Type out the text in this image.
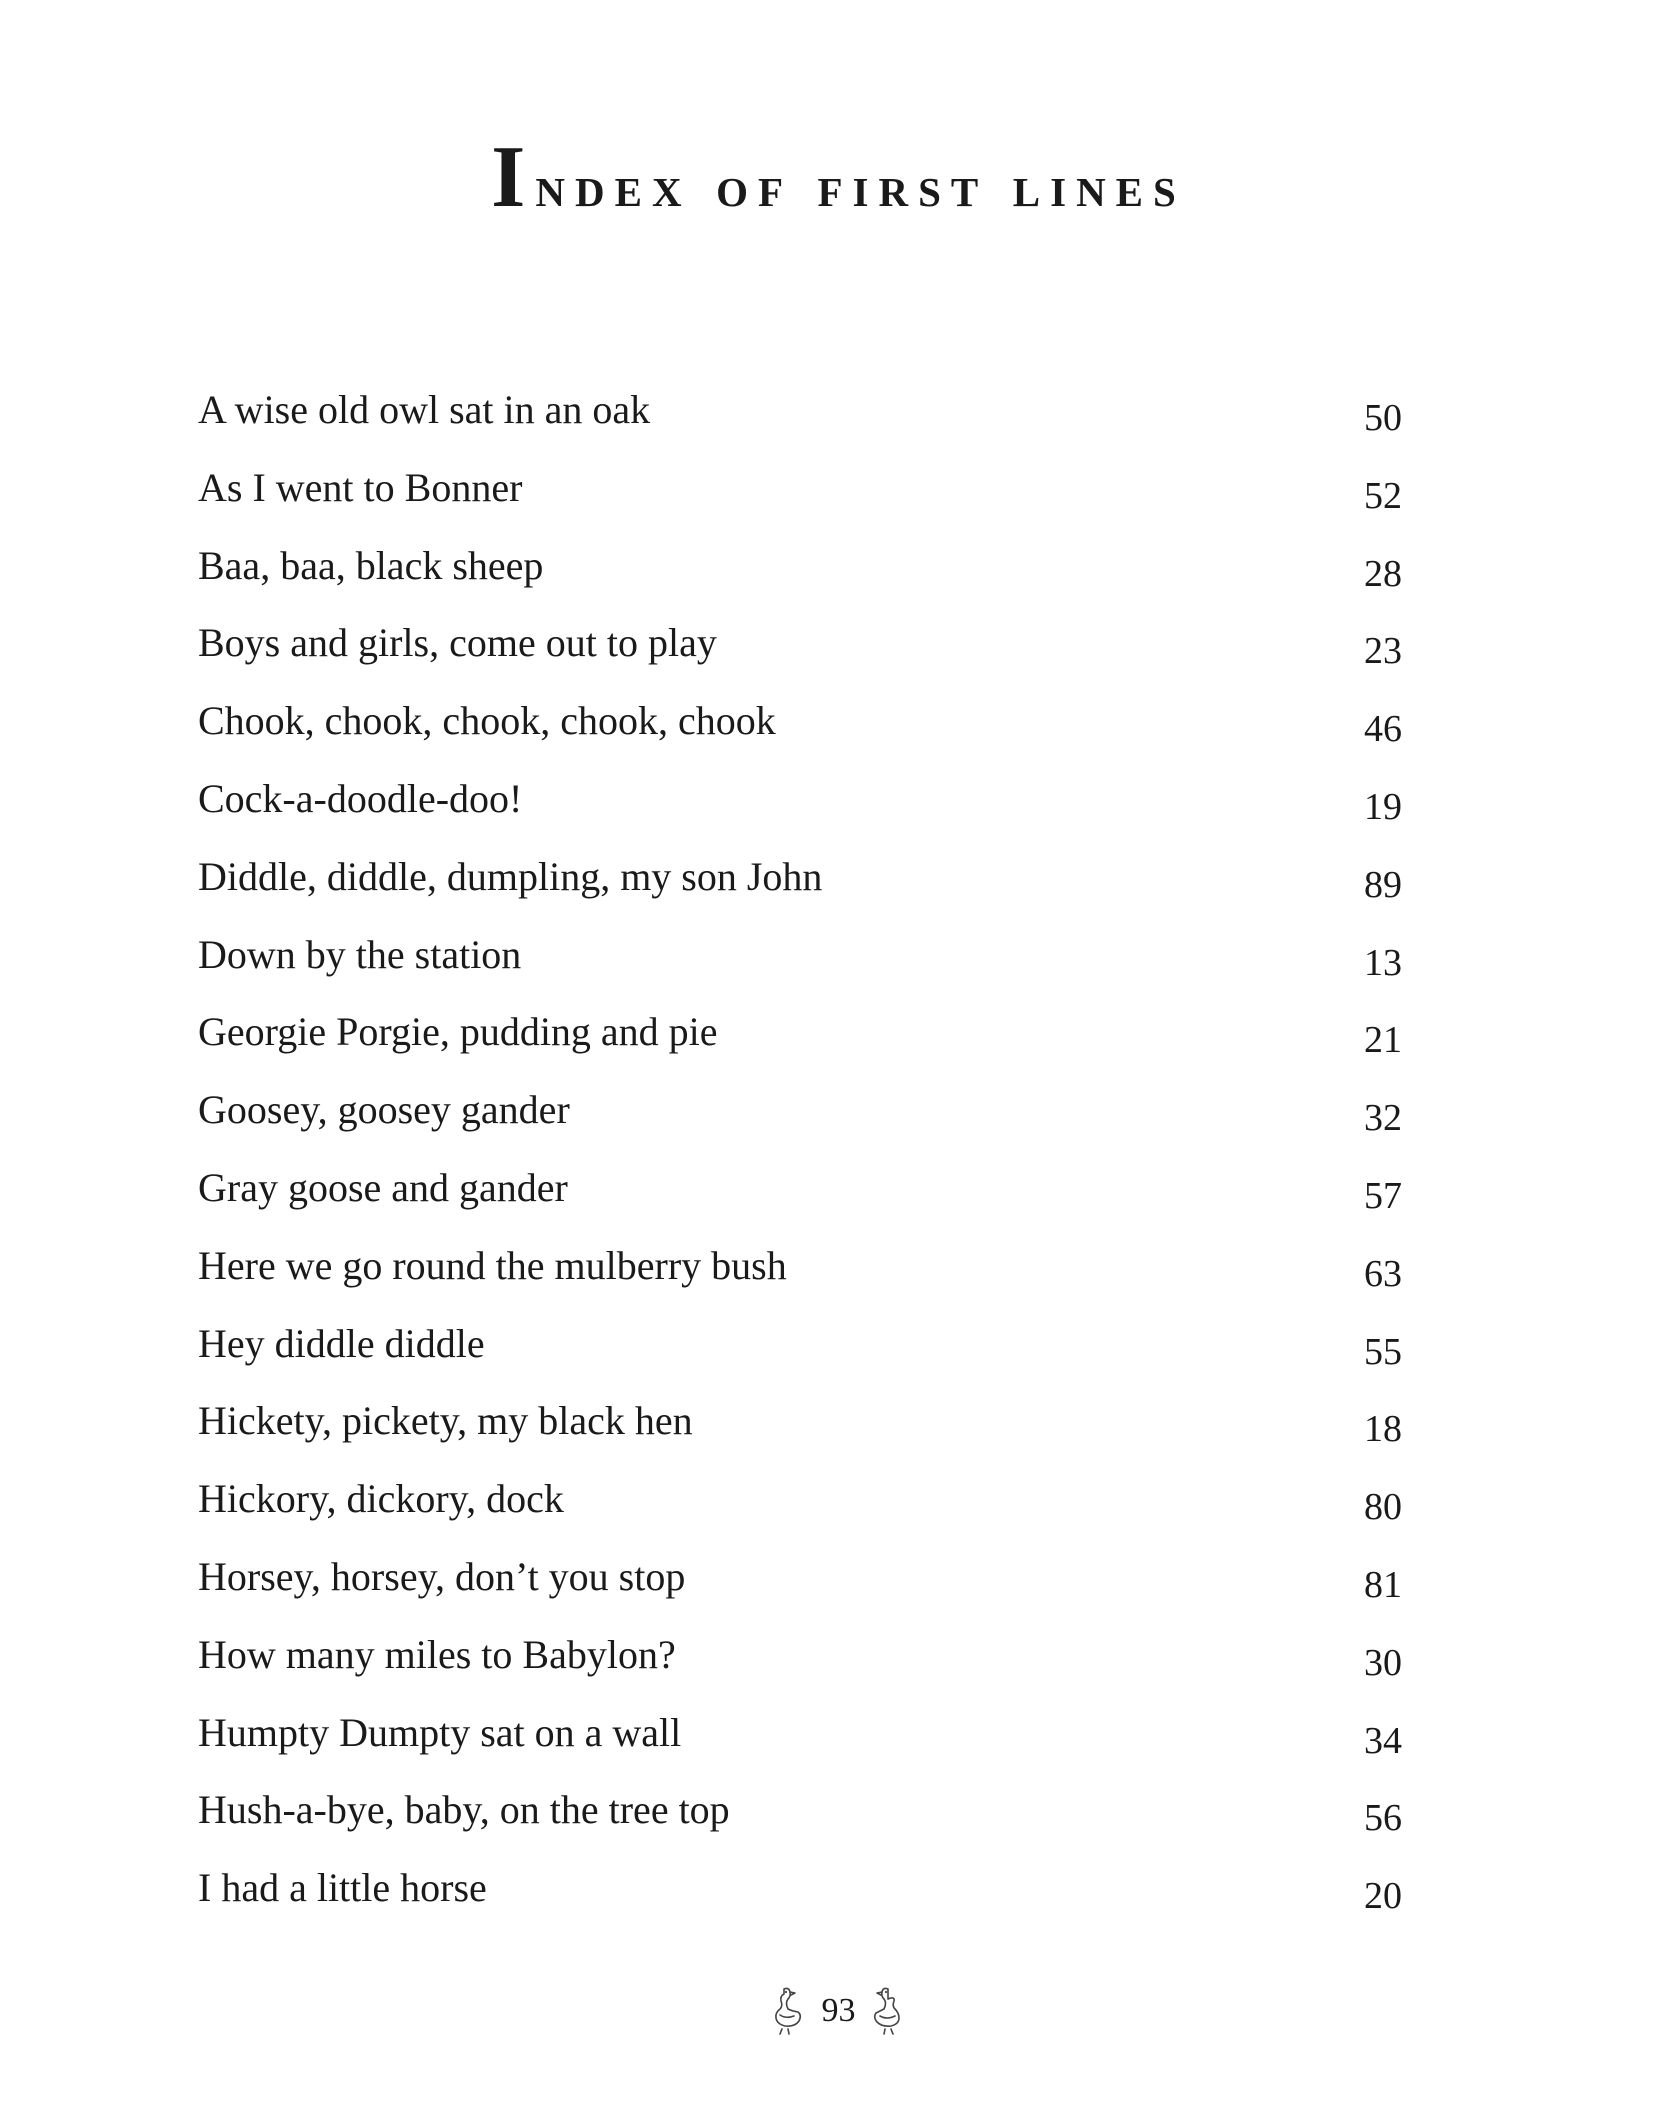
Index of first lines
A wise old owl sat in an oak	50
As I went to Bonner	52
Baa, baa, black sheep	28
Boys and girls, come out to play	23
Chook, chook, chook, chook, chook	46
Cock-a-doodle-doo!	19
Diddle, diddle, dumpling, my son John	89
Down by the station	13
Georgie Porgie, pudding and pie	21
Goosey, goosey gander	32
Gray goose and gander	57
Here we go round the mulberry bush	63
Hey diddle diddle	55
Hickety, pickety, my black hen	18
Hickory, dickory, dock	80
Horsey, horsey, don’t you stop	81
How many miles to Babylon?	30
Humpty Dumpty sat on a wall	34
Hush-a-bye, baby, on the tree top	56
I had a little horse	20
93
